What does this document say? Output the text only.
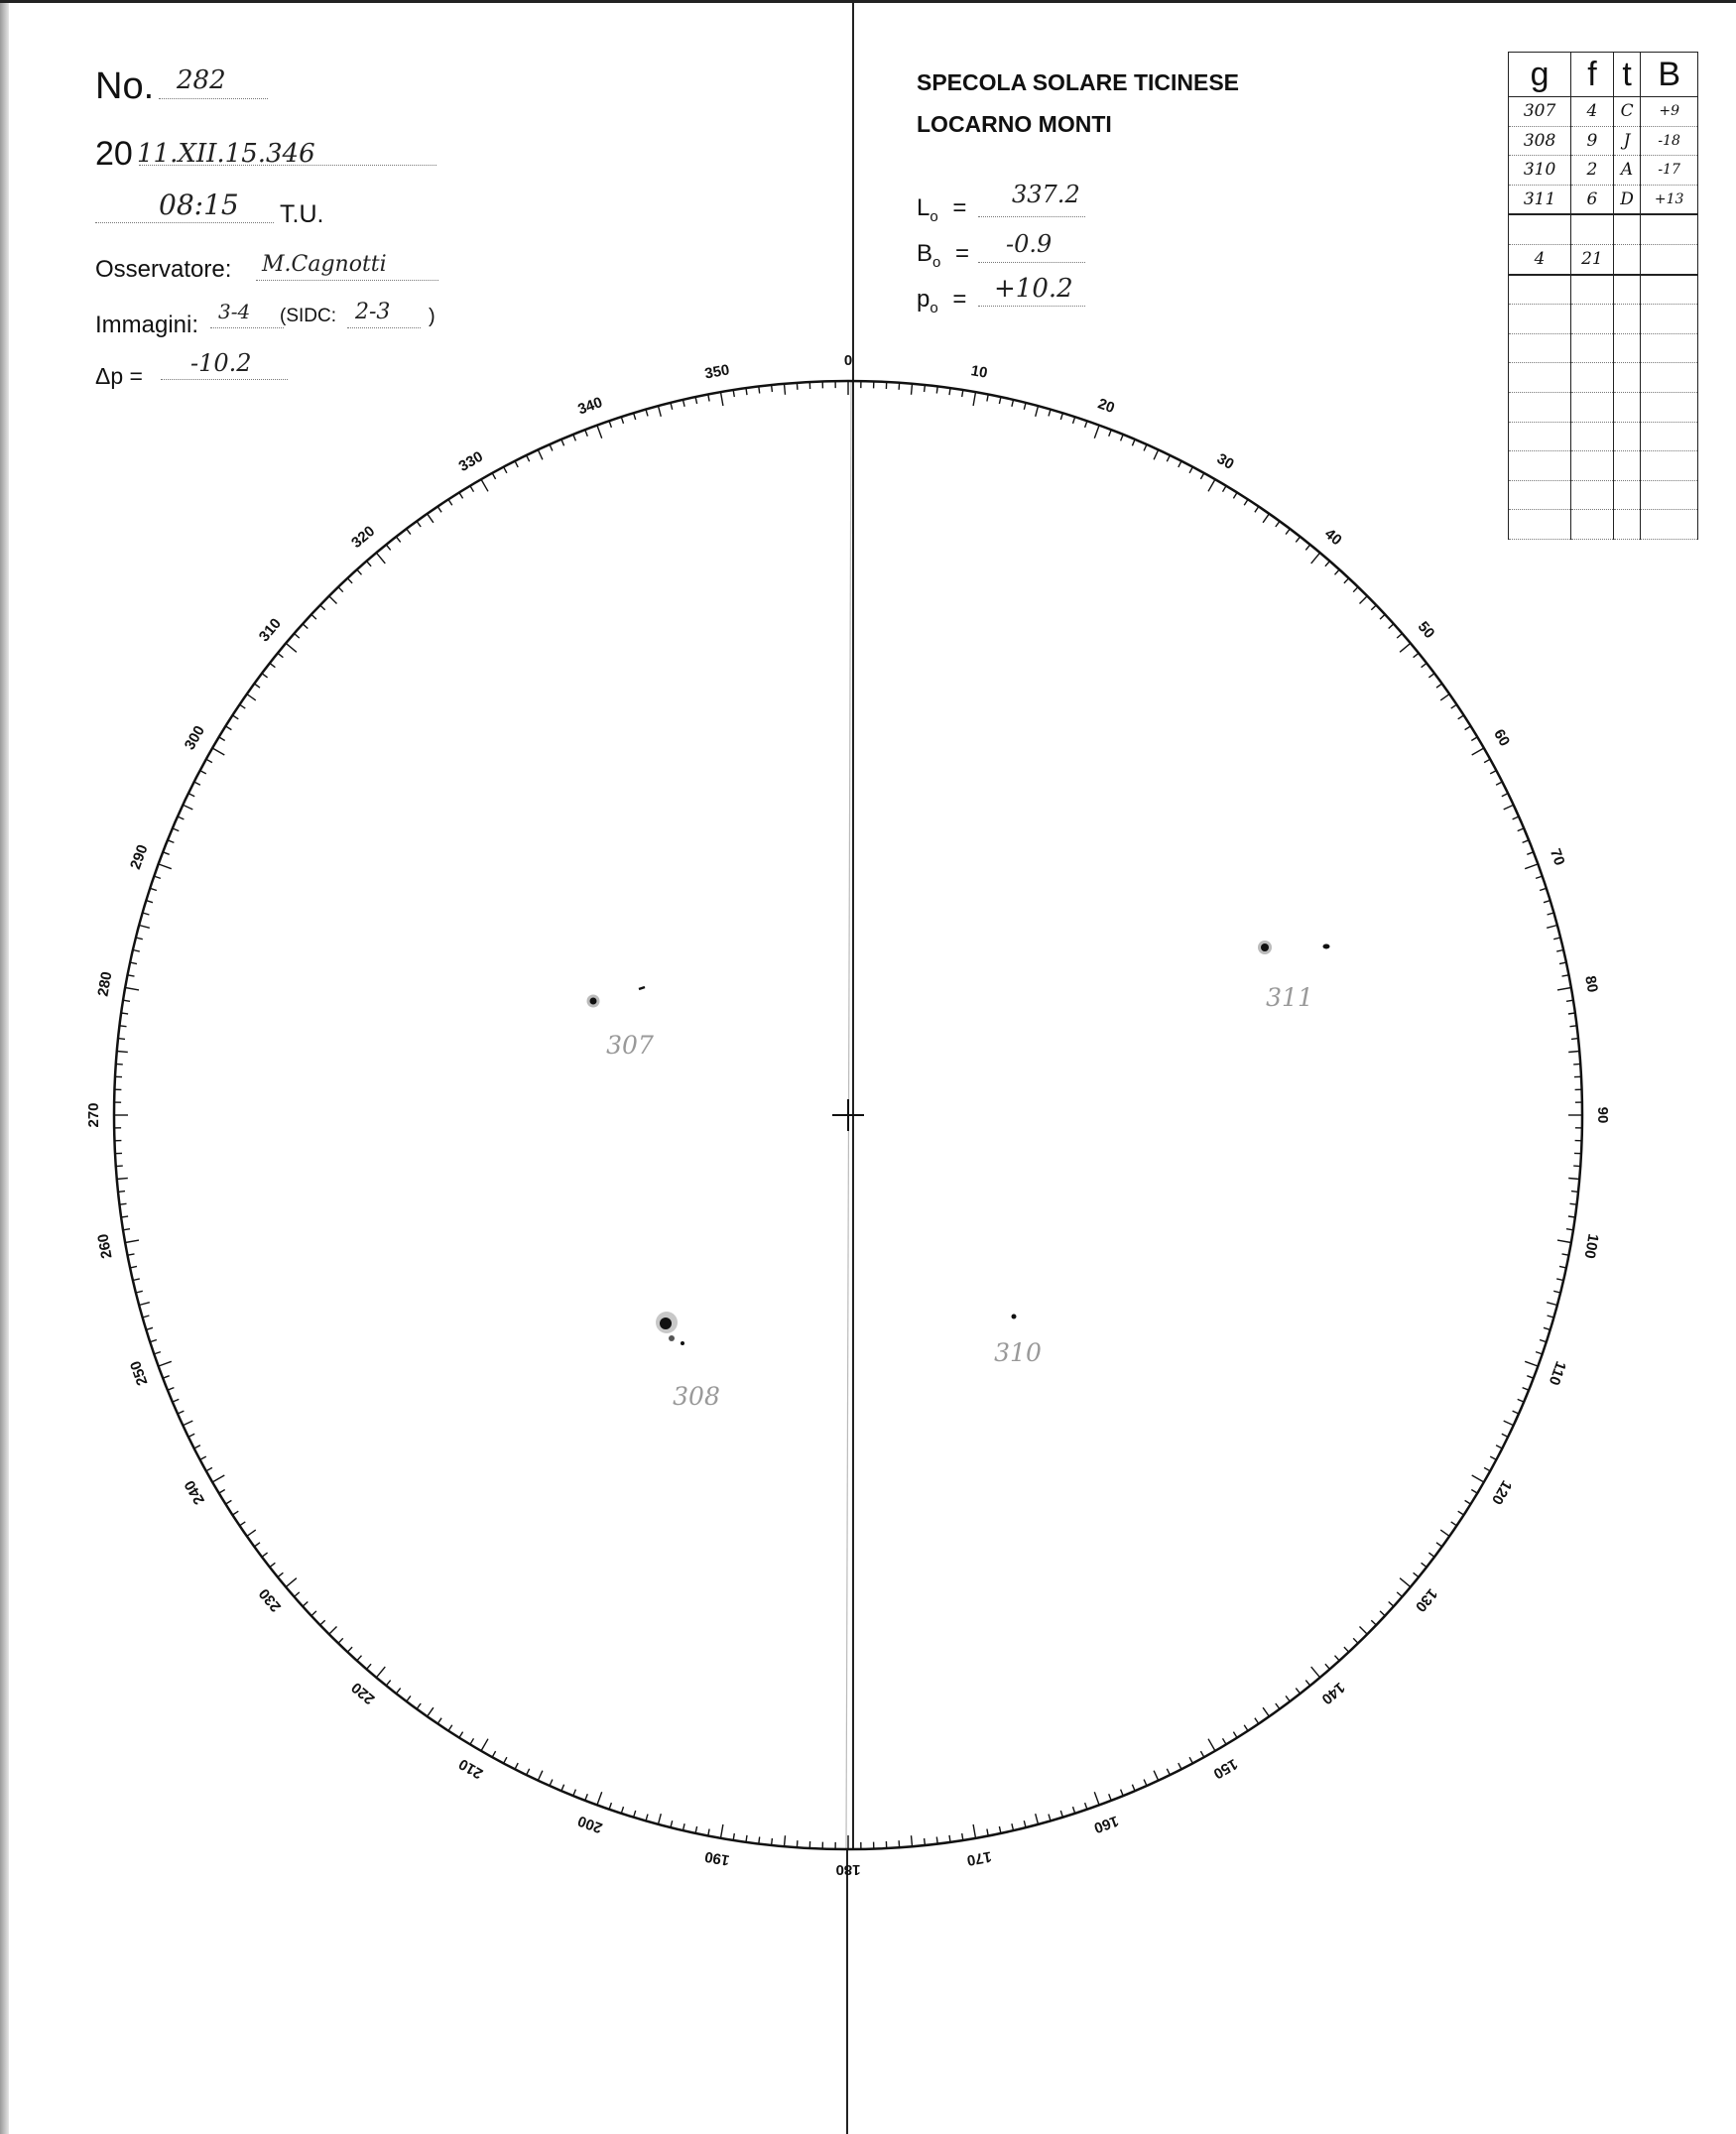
No. 282
20 11.XII.15.346
08:15 T.U.
Osservatore: M.Cagnotti
Immagini: 3-4 (SIDC: 2-3 )
Δp = -10.2
SPECOLA SOLARE TICINESE
LOCARNO MONTI
$L_o = 337.2$
$B_o = -0.9$
$p_o = +10.2$
g	f	t	B
307	4	C	+9
308	9	J	-18
310	2	A	-17
311	6	D	+13

4	21		

0
10
20
30
40
50
60
70
80
90
100
110
120
130
140
150
160
170
180
190
200
210
220
230
240
250
260
270
280
290
300
310
320
330
340
350
307
308
310
311
